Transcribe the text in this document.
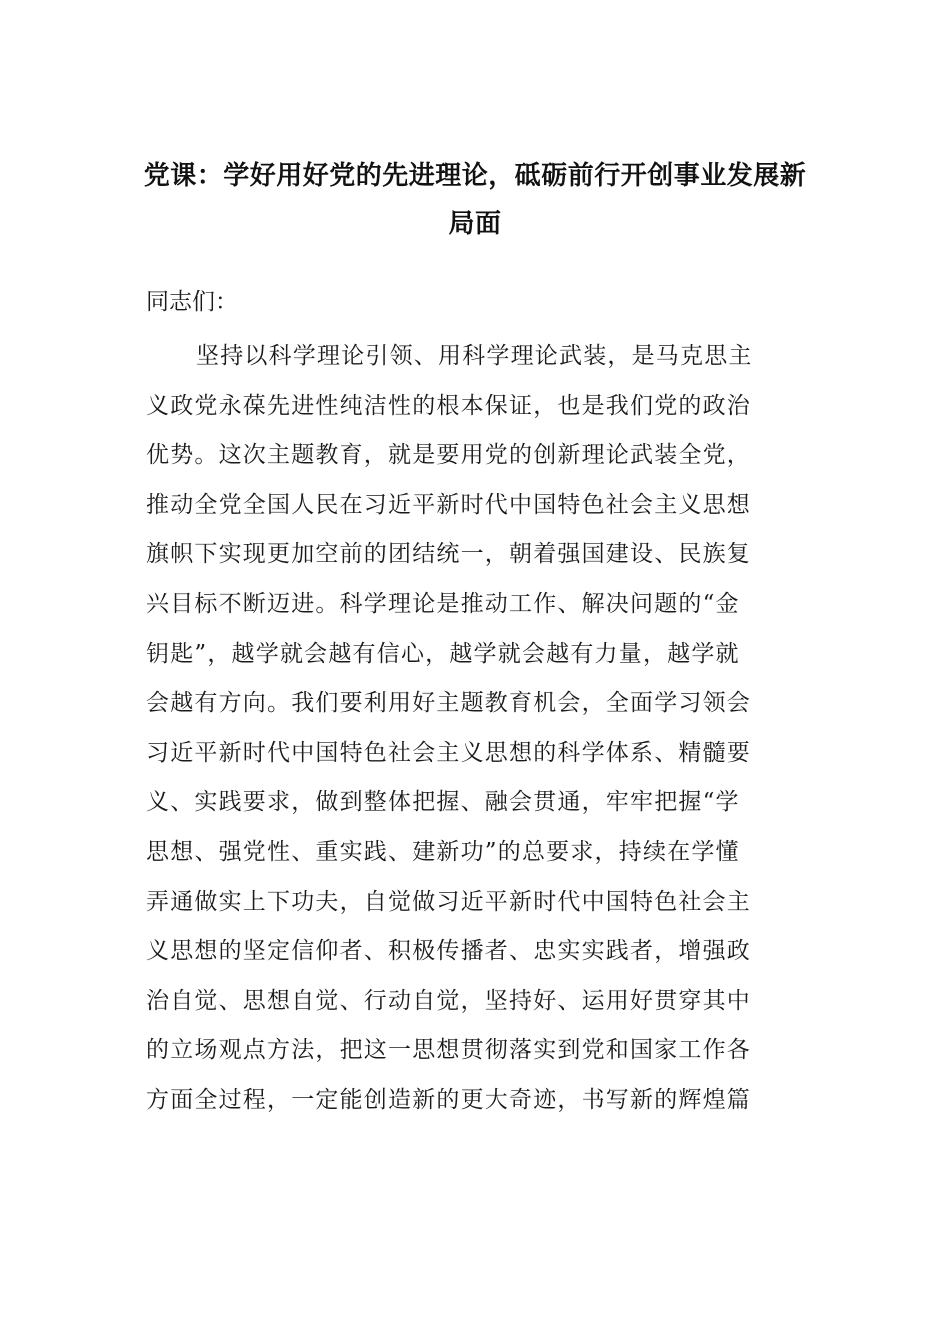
党课：学好用好党的先进理论，砥砺前行开创事业发展新
局面

同志们：

坚持以科学理论引领、用科学理论武装，是马克思主
义政党永葆先进性纯洁性的根本保证，也是我们党的政治
优势。这次主题教育，就是要用党的创新理论武装全党，
推动全党全国人民在习近平新时代中国特色社会主义思想
旗帜下实现更加空前的团结统一，朝着强国建设、民族复
兴目标不断迈进。科学理论是推动工作、解决问题的“金
钥匙”，越学就会越有信心，越学就会越有力量，越学就
会越有方向。我们要利用好主题教育机会，全面学习领会
习近平新时代中国特色社会主义思想的科学体系、精髓要
义、实践要求，做到整体把握、融会贯通，牢牢把握“学
思想、强党性、重实践、建新功”的总要求，持续在学懂
弄通做实上下功夫，自觉做习近平新时代中国特色社会主
义思想的坚定信仰者、积极传播者、忠实实践者，增强政
治自觉、思想自觉、行动自觉，坚持好、运用好贯穿其中
的立场观点方法，把这一思想贯彻落实到党和国家工作各
方面全过程，一定能创造新的更大奇迹，书写新的辉煌篇
